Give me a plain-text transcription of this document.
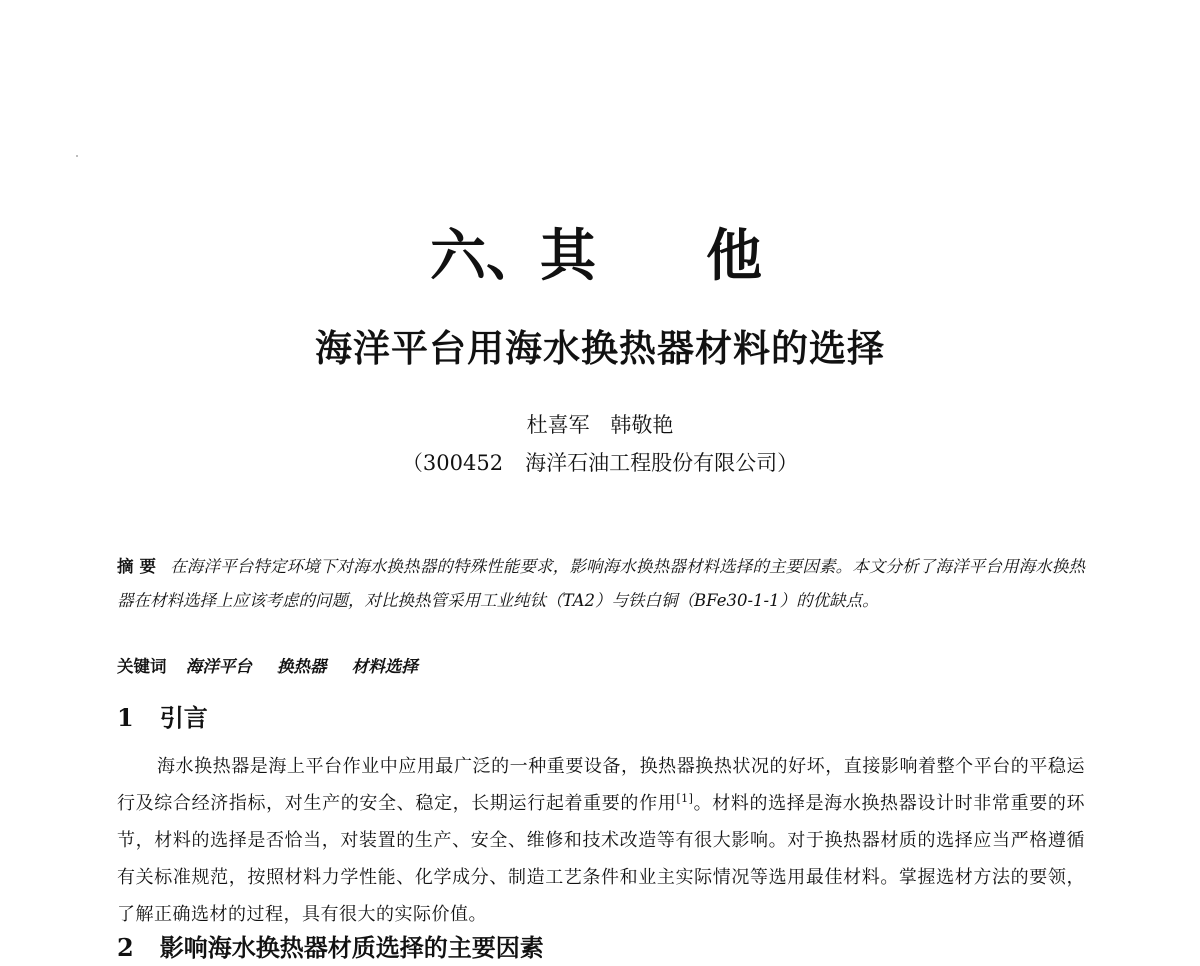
六、
其 他
海洋平台用海水换热器材料的选择
杜喜军 韩敬艳
（300452 海洋石油工程股份有限公司）
摘 要 在海洋平台特定环境下对海水换热器的特殊性能要求，影响海水换热器材料选择的主要因素。本文分析了海洋平台用海水换热器在材料选择上应该考虑的问题，对比换热管采用工业纯钛（TA2）与铁白铜（BFe30-1-1）的优缺点。
关键词 海洋平台 换热器 材料选择
1 引言
海水换热器是海上平台作业中应用最广泛的一种重要设备，换热器换热状况的好坏，直接影响着整个平台的平稳运行及综合经济指标，对生产的安全、稳定，长期运行起着重要的作用[1]。材料的选择是海水换热器设计时非常重要的环节，材料的选择是否恰当，对装置的生产、安全、维修和技术改造等有很大影响。对于换热器材质的选择应当严格遵循有关标准规范，按照材料力学性能、化学成分、制造工艺条件和业主实际情况等选用最佳材料。掌握选材方法的要领，了解正确选材的过程，具有很大的实际价值。
2 影响海水换热器材质选择的主要因素
